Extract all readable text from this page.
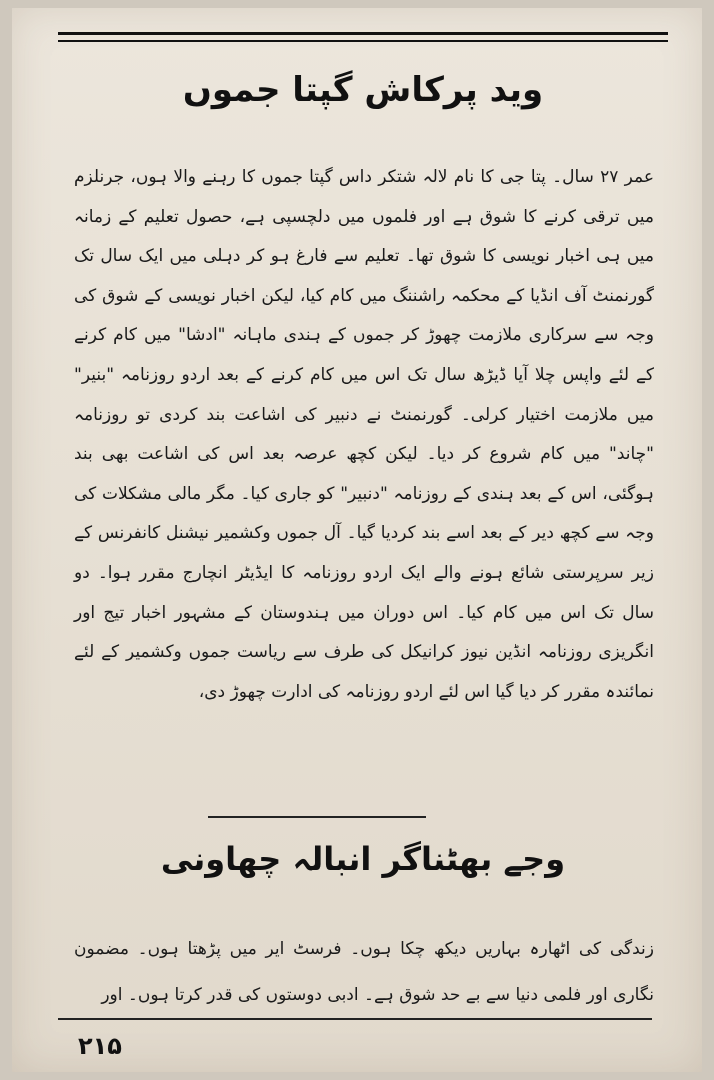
وید پرکاش گپتا جموں
عمر ۲۷ سال۔ پتا جی کا نام لالہ شتکر داس گپتا جموں کا رہنے والا ہوں، جرنلزم میں ترقی کرنے کا شوق ہے اور فلموں میں دلچسپی ہے، حصول تعلیم کے زمانہ میں ہی اخبار نویسی کا شوق تھا۔ تعلیم سے فارغ ہو کر دہلی میں ایک سال تک گورنمنٹ آف انڈیا کے محکمہ راشننگ میں کام کیا، لیکن اخبار نویسی کے شوق کی وجہ سے سرکاری ملازمت چھوڑ کر جموں کے ہندی ماہانہ "ادشا" میں کام کرنے کے لئے واپس چلا آیا ڈیڑھ سال تک اس میں کام کرنے کے بعد اردو روزنامہ "بنیر" میں ملازمت اختیار کرلی۔ گورنمنٹ نے دنبیر کی اشاعت بند کردی تو روزنامہ "چاند" میں کام شروع کر دیا۔ لیکن کچھ عرصہ بعد اس کی اشاعت بھی بند ہوگئی، اس کے بعد ہندی کے روزنامہ "دنبیر" کو جاری کیا۔ مگر مالی مشکلات کی وجہ سے کچھ دیر کے بعد اسے بند کردیا گیا۔ آل جموں وکشمیر نیشنل کانفرنس کے زیر سرپرستی شائع ہونے والے ایک اردو روزنامہ کا ایڈیٹر انچارج مقرر ہوا۔ دو سال تک اس میں کام کیا۔ اس دوران میں ہندوستان کے مشہور اخبار تیج اور انگریزی روزنامہ انڈین نیوز کرانیکل کی طرف سے ریاست جموں وکشمیر کے لئے نمائندہ مقرر کر دیا گیا اس لئے اردو روزنامہ کی ادارت چھوڑ دی،
وجے بھٹناگر انبالہ چھاونی
زندگی کی اٹھارہ بہاریں دیکھ چکا ہوں۔ فرسٹ ایر میں پڑھتا ہوں۔ مضمون نگاری اور فلمی دنیا سے بے حد شوق ہے۔ ادبی دوستوں کی قدر کرتا ہوں۔ اور
۲۱۵
